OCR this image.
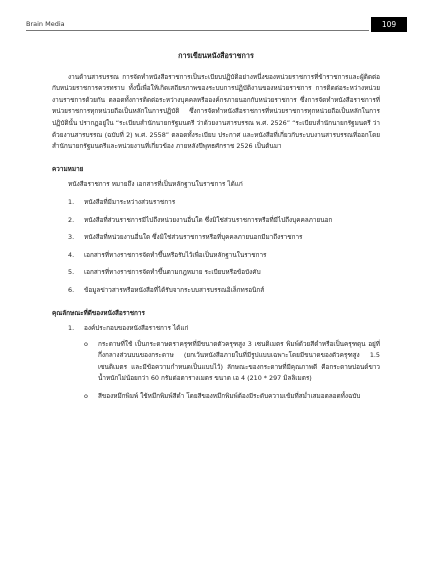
Brain Media	109
การเขียนหนังสือราชการ
งานด้านสารบรรณ การจัดทำหนังสือราชการเป็นระเบียบปฏิบัติอย่างหนึ่งของหน่วยราชการที่ข้าราชการและผู้ติดต่อกับหน่วยราชการควรทราบ ทั้งนี้เพื่อให้เกิดเสถียรภาพของระบบการปฏิบัติงานของหน่วยราชการ การติดต่อระหว่างหน่วยงานราชการด้วยกัน ตลอดทั้งการติดต่อระหว่างบุคคลหรือองค์กรภายนอกกับหน่วยราชการ ซึ่งการจัดทำหนังสือราชการที่หน่วยราชการทุกหน่วยถือเป็นหลักในการปฏิบัติ ซึ่งการจัดทำหนังสือราชการที่หน่วยราชการทุกหน่วยถือเป็นหลักในการปฏิบัตินั้น ปรากฏอยู่ใน “ระเบียบสำนักนายกรัฐมนตรี ว่าด้วยงานสารบรรณ พ.ศ. 2526” “ระเบียบสำนักนายกรัฐมนตรี ว่าด้วยงานสารบรรณ (ฉบับที่ 2) พ.ศ. 2558” ตลอดทั้งระเบียบ ประกาศ และหนังสือที่เกี่ยวกับระบบงานสารบรรณที่ออกโดยสำนักนายกรัฐมนตรีและหน่วยงานที่เกี่ยวข้อง ภายหลังปีพุทธศักราช 2526 เป็นต้นมา
ความหมาย
หนังสือราชการ หมายถึง เอกสารที่เป็นหลักฐานในราชการ ได้แก่
1. หนังสือที่มีมาระหว่างส่วนราชการ
2. หนังสือที่ส่วนราชการมีไปถึงหน่วยงานอื่นใด ซึ่งมิใช่ส่วนราชการหรือที่มีไปถึงบุคคลภายนอก
3. หนังสือที่หน่วยงานอื่นใด ซึ่งมิใช่ส่วนราชการหรือที่บุคคลภายนอกมีมาถึงราชการ
4. เอกสารที่ทางราชการจัดทำขึ้นหรือรับไว้เพื่อเป็นหลักฐานในราชการ
5. เอกสารที่ทางราชการจัดทำขึ้นตามกฎหมาย ระเบียบหรือข้อบังคับ
6. ข้อมูลข่าวสารหรือหนังสือที่ได้รับจากระบบสารบรรณอิเล็กทรอนิกส์
คุณลักษณะที่ดีของหนังสือราชการ
1. องค์ประกอบของหนังสือราชการ ได้แก่
o กระดาษที่ใช้ เป็นกระดาษตราครุฑที่มีขนาดตัวครุฑสูง 3 เซนติเมตร พิมพ์ด้วยสีดำหรือเป็นครุฑดุน อยู่ที่กึ่งกลางส่วนบนของกระดาษ (ยกเว้นหนังสือภายในที่มีรูปแบบเฉพาะโดยมีขนาดของตัวครุฑสูง 1.5 เซนติเมตร และมีข้อความกำหนดเป็นแบบไว้) ลักษณะของกระดาษที่มีคุณภาพดี คือกระดาษปอนด์ขาว น้ำหนักไม่น้อยกว่า 60 กรัมต่อตารางเมตร ขนาด เอ 4 (210 * 297 มิลลิเมตร)
o สีของหมึกพิมพ์ ใช้หมึกพิมพ์สีดำ โดยสีของหมึกพิมพ์ต้องมีระดับความเข้มที่สม่ำเสมอตลอดทั้งฉบับ
